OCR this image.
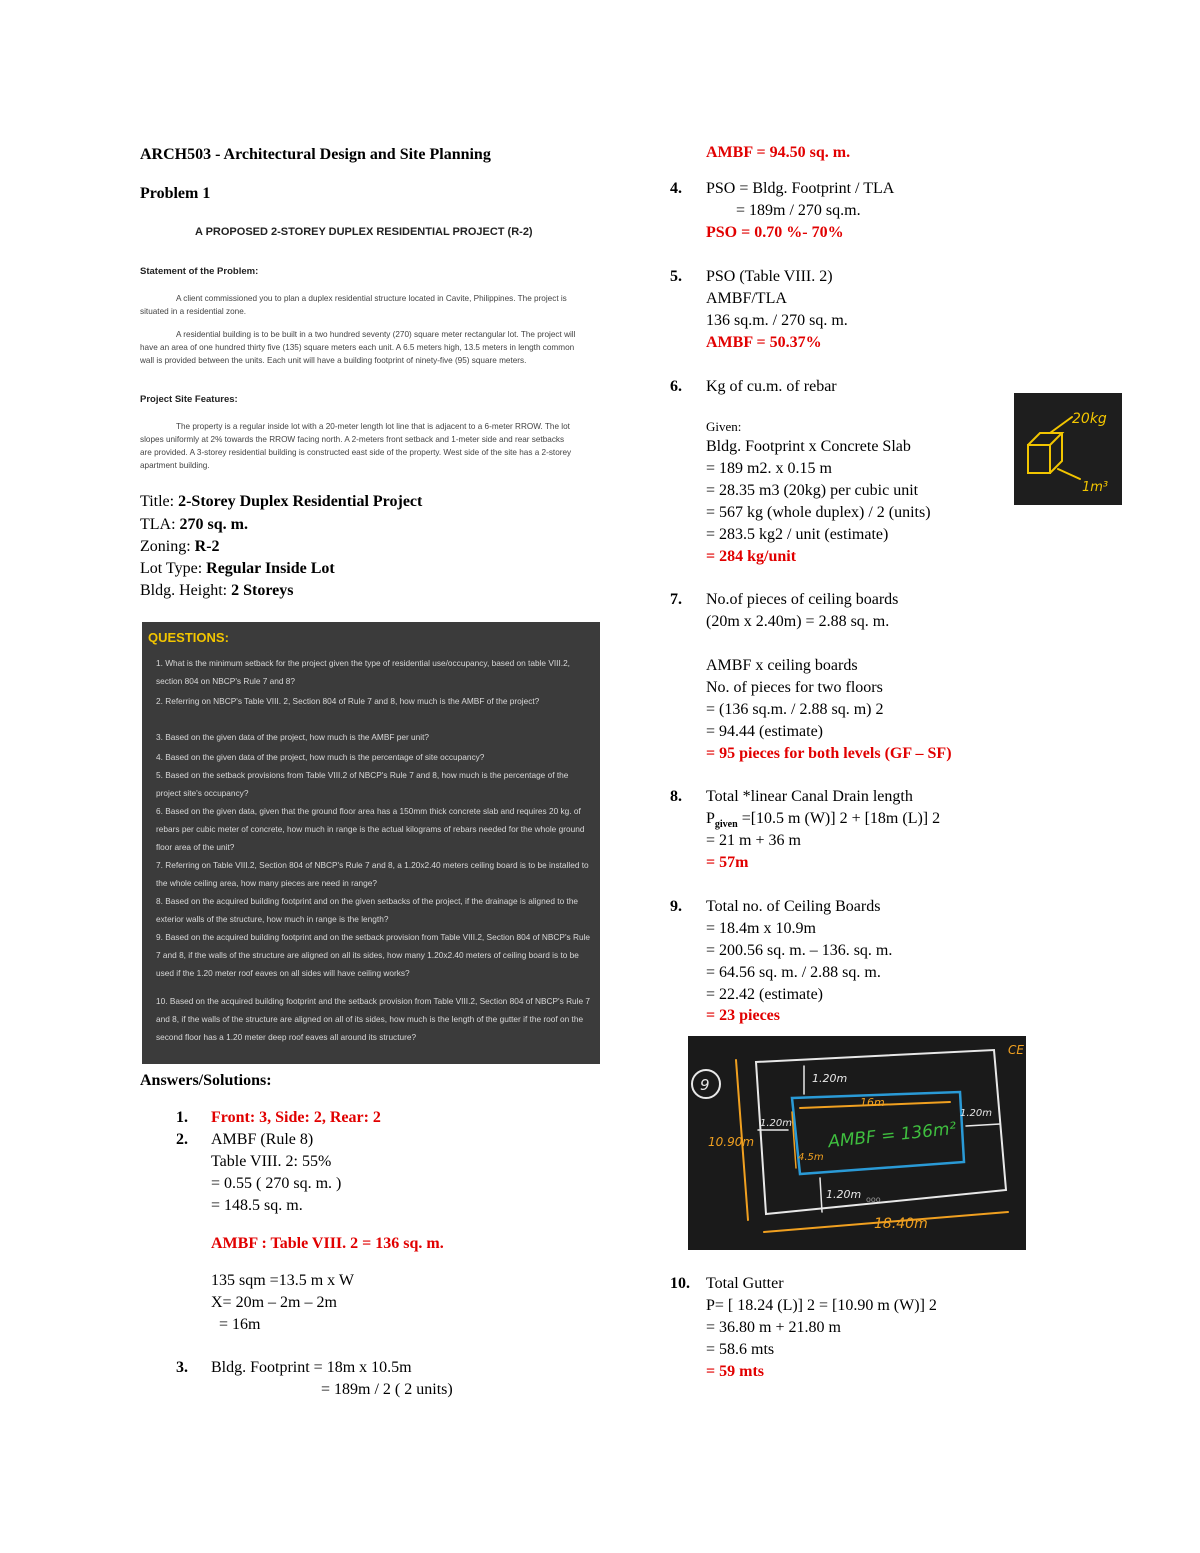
ARCH503 - Architectural Design and Site Planning
Problem 1
A PROPOSED 2-STOREY DUPLEX RESIDENTIAL PROJECT (R-2)
Statement of the Problem:
A client commissioned you to plan a duplex residential structure located in Cavite, Philippines. The project is situated in a residential zone.
A residential building is to be built in a two hundred seventy (270) square meter rectangular lot. The project will have an area of one hundred thirty five (135) square meters each unit. A 6.5 meters high, 13.5 meters in length common wall is provided between the units. Each unit will have a building footprint of ninety-five (95) square meters.
Project Site Features:
The property is a regular inside lot with a 20-meter length lot line that is adjacent to a 6-meter RROW. The lot slopes uniformly at 2% towards the RROW facing north. A 2-meters front setback and 1-meter side and rear setbacks are provided. A 3-storey residential building is constructed east side of the property. West side of the site has a 2-storey apartment building.
Title: 2-Storey Duplex Residential Project
TLA: 270 sq. m.
Zoning: R-2
Lot Type: Regular Inside Lot
Bldg. Height: 2 Storeys
QUESTIONS:
1. What is the minimum setback for the project given the type of residential use/occupancy, based on table VIII.2, section 804 on NBCP's Rule 7 and 8?
2. Referring on NBCP's Table VIII. 2, Section 804 of Rule 7 and 8, how much is the AMBF of the project?
3. Based on the given data of the project, how much is the AMBF per unit?
4. Based on the given data of the project, how much is the percentage of site occupancy?
5. Based on the setback provisions from Table VIII.2 of NBCP's Rule 7 and 8, how much is the percentage of the project site's occupancy?
6. Based on the given data, given that the ground floor area has a 150mm thick concrete slab and requires 20 kg. of rebars per cubic meter of concrete, how much in range is the actual kilograms of rebars needed for the whole ground floor area of the unit?
7. Referring on Table VIII.2, Section 804 of NBCP's Rule 7 and 8, a 1.20x2.40 meters ceiling board is to be installed to the whole ceiling area, how many pieces are need in range?
8. Based on the acquired building footprint and on the given setbacks of the project, if the drainage is aligned to the exterior walls of the structure, how much in range is the length?
9. Based on the acquired building footprint and on the setback provision from Table VIII.2, Section 804 of NBCP's Rule 7 and 8, if the walls of the structure are aligned on all its sides, how many 1.20x2.40 meters of ceiling board is to be used if the 1.20 meter roof eaves on all sides will have ceiling works?
10. Based on the acquired building footprint and the setback provision from Table VIII.2, Section 804 of NBCP's Rule 7 and 8, if the walls of the structure are aligned on all of its sides, how much is the length of the gutter if the roof on the second floor has a 1.20 meter deep roof eaves all around its structure?
Answers/Solutions:
1. Front: 3, Side: 2, Rear: 2
2. AMBF (Rule 8)
Table VIII. 2: 55%
= 0.55 ( 270 sq. m. )
= 148.5 sq. m.
AMBF : Table VIII. 2 = 136 sq. m.
135 sqm =13.5 m x W
X= 20m – 2m – 2m
= 16m
3. Bldg. Footprint = 18m x 10.5m
= 189m / 2 ( 2 units)
AMBF = 94.50 sq. m.
4. PSO = Bldg. Footprint / TLA
= 189m / 270 sq.m.
PSO = 0.70 %- 70%
5. PSO (Table VIII. 2)
AMBF/TLA
136 sq.m. / 270 sq. m.
AMBF = 50.37%
6. Kg of cu.m. of rebar
Given:
Bldg. Footprint x Concrete Slab
= 189 m2. x 0.15 m
= 28.35 m3 (20kg) per cubic unit
= 567 kg (whole duplex) / 2 (units)
= 283.5 kg2 / unit (estimate)
= 284 kg/unit
20kg
1m³
7. No.of pieces of ceiling boards
(20m x 2.40m) = 2.88 sq. m.
AMBF x ceiling boards
No. of pieces for two floors
= (136 sq.m. / 2.88 sq. m) 2
= 94.44 (estimate)
= 95 pieces for both levels (GF – SF)
8. Total *linear Canal Drain length
$P_{given} =[10.5$ m (W)] 2 + [18m (L)] 2
= 21 m + 36 m
= 57m
9. Total no. of Ceiling Boards
= 18.4m x 10.9m
= 200.56 sq. m. – 136. sq. m.
= 64.56 sq. m. / 2.88 sq. m.
= 22.42 (estimate)
= 23 pieces
9	1.20m
16m
1.20m
1.20m
10.90m
4.5m
AMBF = 136m²
1.20m
18.40m
CE
ooo
10. Total Gutter
P= [ 18.24 (L)] 2 = [10.90 m (W)] 2
= 36.80 m + 21.80 m
= 58.6 mts
= 59 mts
